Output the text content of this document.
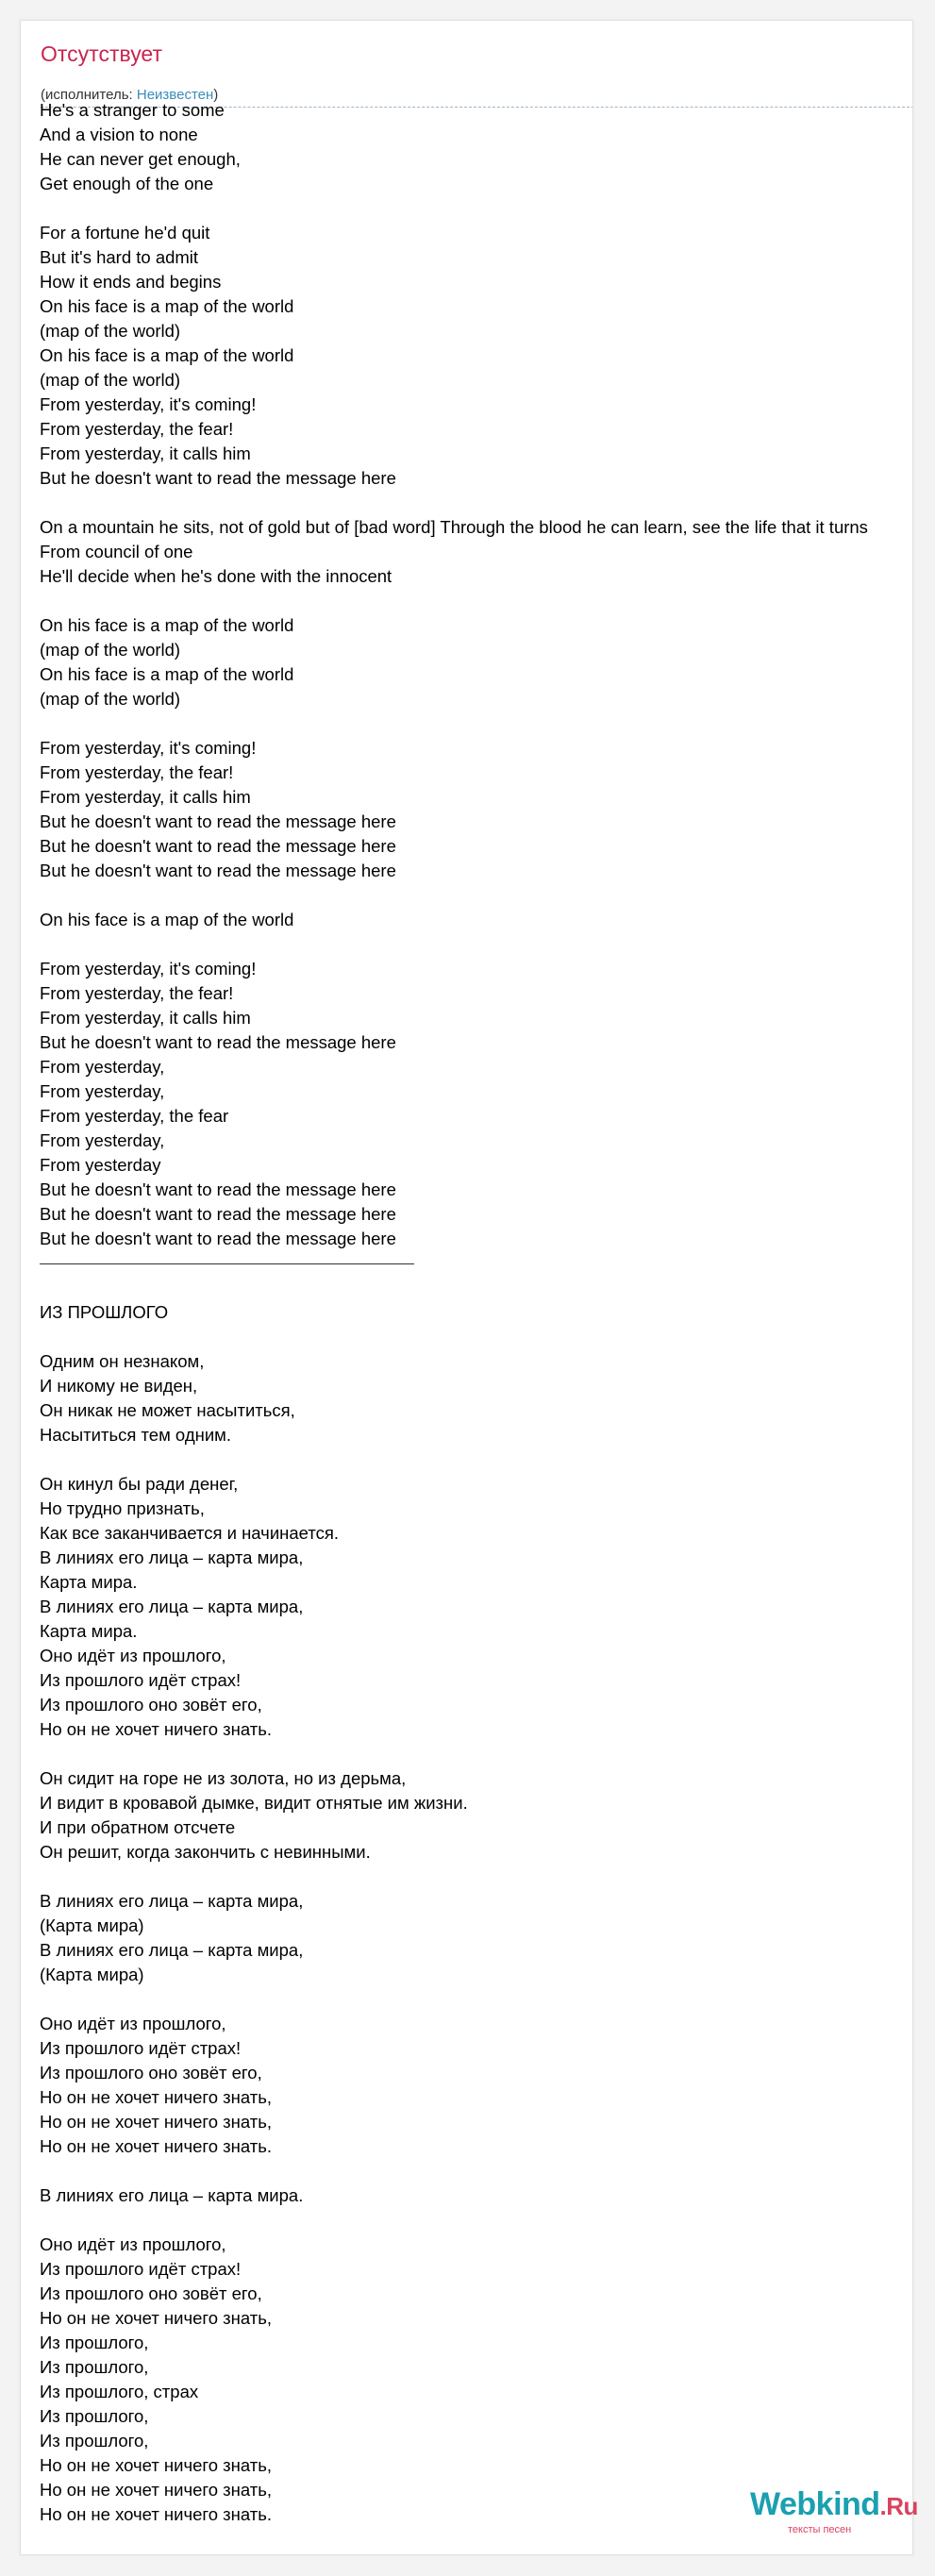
Отсутствует
(исполнитель: Неизвестен)
He's a stranger to some
And a vision to none
He can never get enough,
Get enough of the one
For a fortune he'd quit
But it's hard to admit
How it ends and begins
On his face is a map of the world
(map of the world)
On his face is a map of the world
(map of the world)
From yesterday, it's coming!
From yesterday, the fear!
From yesterday, it calls him
But he doesn't want to read the message here
On a mountain he sits, not of gold but of [bad word] Through the blood he can learn, see the life that it turns
From council of one
He'll decide when he's done with the innocent
On his face is a map of the world
(map of the world)
On his face is a map of the world
(map of the world)
From yesterday, it's coming!
From yesterday, the fear!
From yesterday, it calls him
But he doesn't want to read the message here
But he doesn't want to read the message here
But he doesn't want to read the message here
On his face is a map of the world
From yesterday, it's coming!
From yesterday, the fear!
From yesterday, it calls him
But he doesn't want to read the message here
From yesterday,
From yesterday,
From yesterday, the fear
From yesterday,
From yesterday
But he doesn't want to read the message here
But he doesn't want to read the message here
But he doesn't want to read the message here
ИЗ ПРОШЛОГО
Одним он незнаком,
И никому не виден,
Он никак не может насытиться,
Насытиться тем одним.
Он кинул бы ради денег,
Но трудно признать,
Как все заканчивается и начинается.
В линиях его лица – карта мира,
Карта мира.
В линиях его лица – карта мира,
Карта мира.
Оно идёт из прошлого,
Из прошлого идёт страх!
Из прошлого оно зовёт его,
Но он не хочет ничего знать.
Он сидит на горе не из золота, но из дерьма,
И видит в кровавой дымке, видит отнятые им жизни.
И при обратном отсчете
Он решит, когда закончить с невинными.
В линиях его лица – карта мира,
(Карта мира)
В линиях его лица – карта мира,
(Карта мира)
Оно идёт из прошлого,
Из прошлого идёт страх!
Из прошлого оно зовёт его,
Но он не хочет ничего знать,
Но он не хочет ничего знать,
Но он не хочет ничего знать.
В линиях его лица – карта мира.
Оно идёт из прошлого,
Из прошлого идёт страх!
Из прошлого оно зовёт его,
Но он не хочет ничего знать,
Из прошлого,
Из прошлого,
Из прошлого, страх
Из прошлого,
Из прошлого,
Но он не хочет ничего знать,
Но он не хочет ничего знать,
Но он не хочет ничего знать.	Webkind.Ru
тексты песен
